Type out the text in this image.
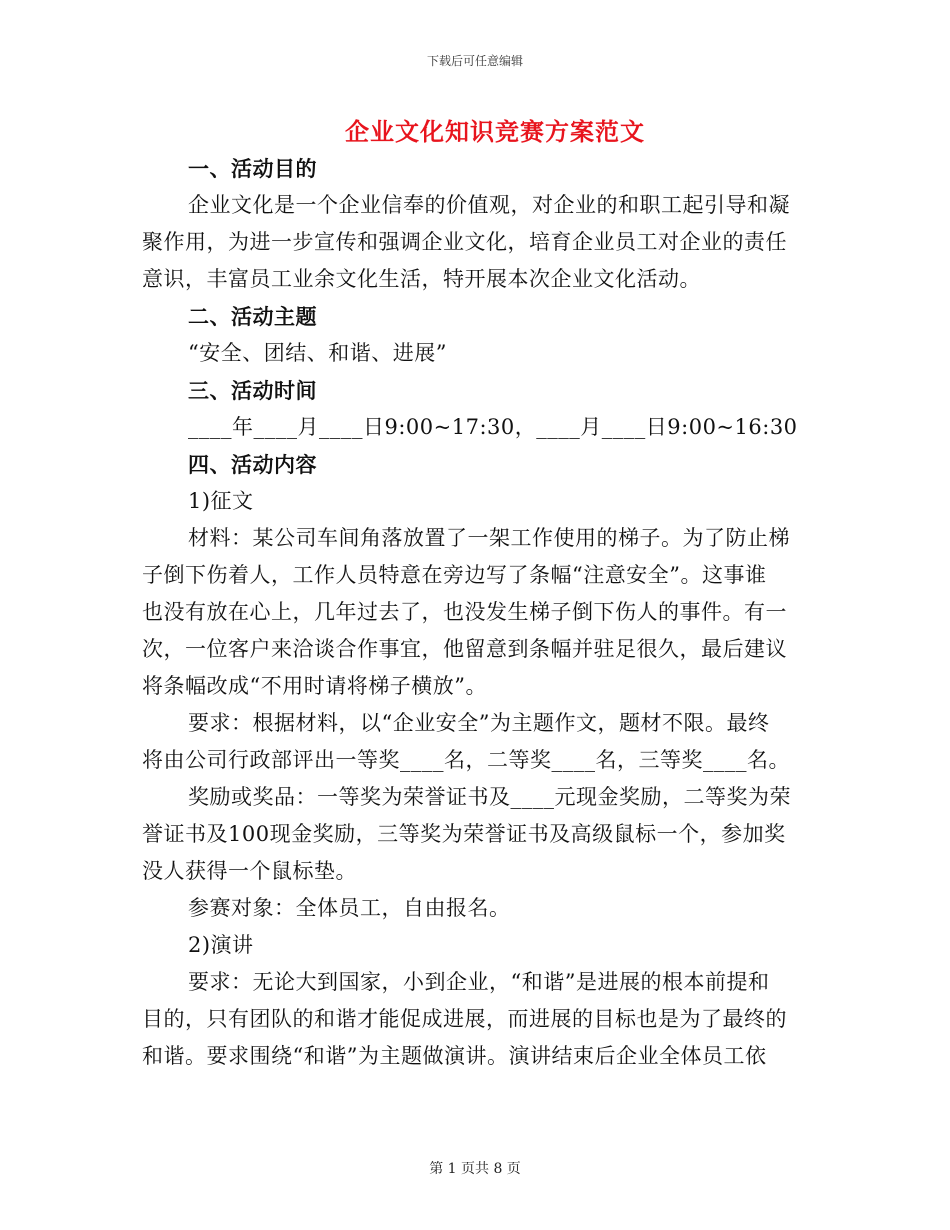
下载后可任意编辑
企业文化知识竞赛方案范文
一、活动目的
企业文化是一个企业信奉的价值观，对企业的和职工起引导和凝
聚作用，为进一步宣传和强调企业文化，培育企业员工对企业的责任
意识，丰富员工业余文化生活，特开展本次企业文化活动。
二、活动主题
“安全、团结、和谐、进展”
三、活动时间
____年____月____日9:00~17:30，____月____日9:00~16:30
四、活动内容
1)征文
材料：某公司车间角落放置了一架工作使用的梯子。为了防止梯
子倒下伤着人，工作人员特意在旁边写了条幅“注意安全”。这事谁
也没有放在心上，几年过去了，也没发生梯子倒下伤人的事件。有一
次，一位客户来洽谈合作事宜，他留意到条幅并驻足很久，最后建议
将条幅改成“不用时请将梯子横放”。
要求：根据材料，以“企业安全”为主题作文，题材不限。最终
将由公司行政部评出一等奖____名，二等奖____名，三等奖____名。
奖励或奖品：一等奖为荣誉证书及____元现金奖励，二等奖为荣
誉证书及100现金奖励，三等奖为荣誉证书及高级鼠标一个，参加奖
没人获得一个鼠标垫。
参赛对象：全体员工，自由报名。
2)演讲
要求：无论大到国家，小到企业，“和谐”是进展的根本前提和
目的，只有团队的和谐才能促成进展，而进展的目标也是为了最终的
和谐。要求围绕“和谐”为主题做演讲。演讲结束后企业全体员工依
第 1 页共 8 页
